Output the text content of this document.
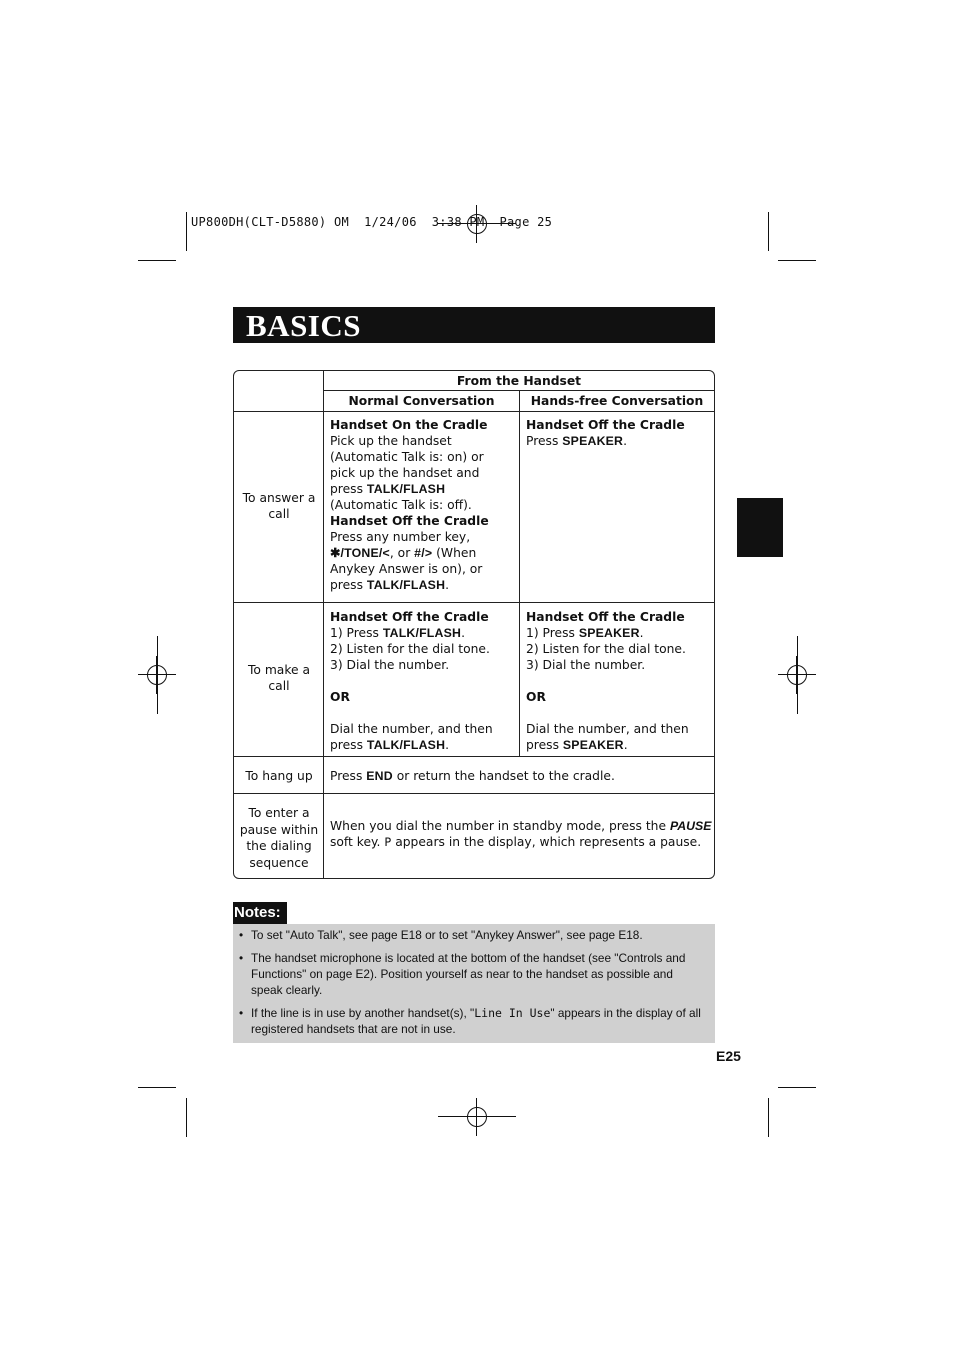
UP800DH(CLT-D5880) OM  1/24/06  3:38 PM  Page 25
BASICS
From the Handset
Normal Conversation	Hands-free Conversation
To answer a call
Handset On the Cradle
Pick up the handset
(Automatic Talk is: on) or
pick up the handset and
press TALK/FLASH
(Automatic Talk is: off).
Handset Off the Cradle
Press any number key,
✱/TONE/<, or #/> (When
Anykey Answer is on), or
press TALK/FLASH.
Handset Off the Cradle
Press SPEAKER.
To make a call
Handset Off the Cradle
1) Press TALK/FLASH.
2) Listen for the dial tone.
3) Dial the number.
OR
Dial the number, and then
press TALK/FLASH.
Handset Off the Cradle
1) Press SPEAKER.
2) Listen for the dial tone.
3) Dial the number.
OR
Dial the number, and then
press SPEAKER.
To hang up	Press END or return the handset to the cradle.
To enter a pause within the dialing sequence
When you dial the number in standby mode, press the PAUSE
soft key. P appears in the display, which represents a pause.
Notes:
• To set "Auto Talk", see page E18 or to set "Anykey Answer", see page E18.
• The handset microphone is located at the bottom of the handset (see "Controls and Functions" on page E2). Position yourself as near to the handset as possible and speak clearly.
• If the line is in use by another handset(s), "Line In Use" appears in the display of all registered handsets that are not in use.
E25
